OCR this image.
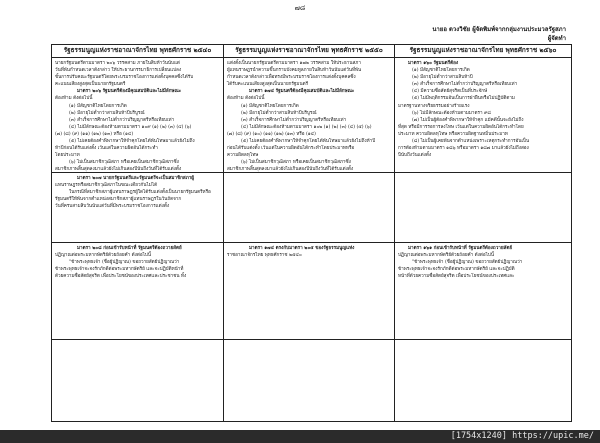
๗๘
นายอ ดวงวิชัย ผู้จัดพิมพ์จากกลุ่มงานประมวลรัฐสภา
ผู้จัดทำ
รัฐธรรมนูญแห่งราชอาณาจักรไทย พุทธศักราช ๒๕๔๐	รัฐธรรมนูญแห่งราชอาณาจักรไทย พุทธศักราช ๒๕๕๐	รัฐธรรมนูญแห่งราชอาณาจักรไทย พุทธศักราช ๒๕๖๐
นายกรัฐมนตรีตามมาตรา ๒๐๖ วรรคสาม ภายในสิบห้าวันนับแต่
วันที่พ้นกำหนดเวลาดังกล่าว ให้ประธานกรรมาธิการเปลี่ยนแปลง
ขั้นการปรับคณะรัฐมนตรีโดยพระบรมราชโองการแต่งตั้งบุคคลซึ่งได้รับ
คะแนนเสียงสูงสุดเป็นนายกรัฐมนตรี
มาตรา ๒๐๖ รัฐมนตรีต้องมีคุณสมบัติและไม่มีลักษณะ
ต้องห้าม ดังต่อไปนี้
(๑) มีสัญชาติไทยโดยการเกิด
(๒) มีอายุไม่ต่ำกว่าสามสิบห้าปีบริบูรณ์
(๓) สำเร็จการศึกษาไม่ต่ำกว่าปริญญาตรีหรือเทียบเท่า
(๔) ไม่มีลักษณะต้องห้ามตามมาตรา ๑๐๙ (๑) (๒) (๓) (๔) (๖)
(๗) (๘) (๙) (๑๑) (๑๒) (๑๓) หรือ (๑๔)
(๕) ไม่เคยต้องคำพิพากษาให้จำคุกโดยได้พ้นโทษมาแล้วยังไม่ถึง
ห้าปีก่อนได้รับแต่งตั้ง เว้นแต่ในความผิดอันได้กระทำ
โดยประมาท
(๖) ไม่เป็นสมาชิกวุฒิสภา หรือเคยเป็นสมาชิกวุฒิสภาซึ่ง
สมาชิกภาพสิ้นสุดลงมาแล้วยังไม่เกินสองปีนับถึงวันที่ได้รับแต่งตั้ง
แต่งตั้งเป็นนายกรัฐมนตรีตามมาตรา ๑๗๒ วรรคสาม ให้ประธานสภา
ผู้แทนราษฎรนำความขึ้นกราบบังคมทูลภายในสิบห้าวันนับแต่วันที่พ้น
กำหนดเวลาดังกล่าวเพื่อทรงมีพระบรมราชโองการแต่งตั้งบุคคลซึ่ง
ได้รับคะแนนเสียงสูงสุดเป็นนายกรัฐมนตรี
มาตรา ๑๗๔ รัฐมนตรีต้องมีคุณสมบัติและไม่มีลักษณะ
ต้องห้าม ดังต่อไปนี้
(๑) มีสัญชาติไทยโดยการเกิด
(๒) มีอายุไม่ต่ำกว่าสามสิบห้าปีบริบูรณ์
(๓) สำเร็จการศึกษาไม่ต่ำกว่าปริญญาตรีหรือเทียบเท่า
(๔) ไม่มีลักษณะต้องห้ามตามมาตรา ๑๐๒ (๑) (๒) (๓) (๔) (๕) (๖)
(๗) (๘) (๙) (๑๐) (๑๑) (๑๒) (๑๓) หรือ (๑๔)
(๕) ไม่เคยต้องคำพิพากษาให้จำคุกโดยได้พ้นโทษมาแล้วยังไม่ถึงห้าปี
ก่อนได้รับแต่งตั้ง เว้นแต่ในความผิดอันได้กระทำโดยประมาทหรือ
ความผิดลหุโทษ
(๖) ไม่เป็นสมาชิกวุฒิสภา หรือเคยเป็นสมาชิกวุฒิสภาซึ่ง
สมาชิกภาพสิ้นสุดลงมาแล้วยังไม่เกินสองปีนับถึงวันที่ได้รับแต่งตั้ง
มาตรา ๑๖๐ รัฐมนตรีต้อง
(๑) มีสัญชาติไทยโดยการเกิด
(๒) มีอายุไม่ต่ำกว่าสามสิบห้าปี
(๓) สำเร็จการศึกษาไม่ต่ำกว่าปริญญาตรีหรือเทียบเท่า
(๔) มีความซื่อสัตย์สุจริตเป็นที่ประจักษ์
(๕) ไม่มีพฤติกรรมอันเป็นการฝ่าฝืนหรือไม่ปฏิบัติตาม
มาตรฐานทางจริยธรรมอย่างร้ายแรง
(๖) ไม่มีลักษณะต้องห้ามตามมาตรา ๙๘
(๗) ไม่เป็นผู้ต้องคำพิพากษาให้จำคุก แม้คดีนั้นจะยังไม่ถึง
ที่สุด หรือมีการรอการลงโทษ เว้นแต่ในความผิดอันได้กระทำโดย
ประมาท ความผิดลหุโทษ หรือความผิดฐานหมิ่นประมาท
(๘) ไม่เป็นผู้เคยพ้นจากตำแหน่งเพราะเหตุกระทำการอันเป็น
การต้องห้ามตามมาตรา ๑๘๖ หรือมาตรา ๑๘๗ มาแล้วยังไม่ถึงสอง
ปีนับถึงวันแต่งตั้ง
มาตรา ๒๐๗ นายกรัฐมนตรีและรัฐมนตรีจะเป็นสมาชิกสภาผู้
แทนราษฎรหรือสมาชิกวุฒิสภาในขณะเดียวกันไม่ได้
ในกรณีที่สมาชิกสภาผู้แทนราษฎรผู้ใดได้รับแต่งตั้งเป็นนายกรัฐมนตรีหรือ
รัฐมนตรีให้พ้นจากตำแหน่งสมาชิกสภาผู้แทนราษฎรในวันถัดจาก
วันที่ครบสามสิบวันนับแต่วันที่มีพระบรมราชโองการแต่งตั้ง
มาตรา ๒๐๘ ก่อนเข้ารับหน้าที่ รัฐมนตรีต้องถวายสัตย์
ปฏิญาณต่อพระมหากษัตริย์ด้วยถ้อยคำ ดังต่อไปนี้
"ข้าพระพุทธเจ้า (ชื่อผู้ปฏิญาณ) ขอถวายสัตย์ปฏิญาณว่า
ข้าพระพุทธเจ้าจะจงรักภักดีต่อพระมหากษัตริย์ และจะปฏิบัติหน้าที่
ด้วยความซื่อสัตย์สุจริต เพื่อประโยชน์ของประเทศและประชาชน ทั้ง
มาตรา ๑๗๔ ตรงกับมาตรา ๒๐๕ ของรัฐธรรมนูญแห่ง
ราชอาณาจักรไทย พุทธศักราช ๒๕๔๐
มาตรา ๑๖๑ ก่อนเข้ารับหน้าที่ รัฐมนตรีต้องถวายสัตย์
ปฏิญาณต่อพระมหากษัตริย์ด้วยถ้อยคำ ดังต่อไปนี้
"ข้าพระพุทธเจ้า (ชื่อผู้ปฏิญาณ) ขอถวายสัตย์ปฏิญาณว่า
ข้าพระพุทธเจ้าจะจงรักภักดีต่อพระมหากษัตริย์ และจะปฏิบัติ
หน้าที่ด้วยความซื่อสัตย์สุจริต เพื่อประโยชน์ของประเทศและ
[1754x1240] https://upic.me/
